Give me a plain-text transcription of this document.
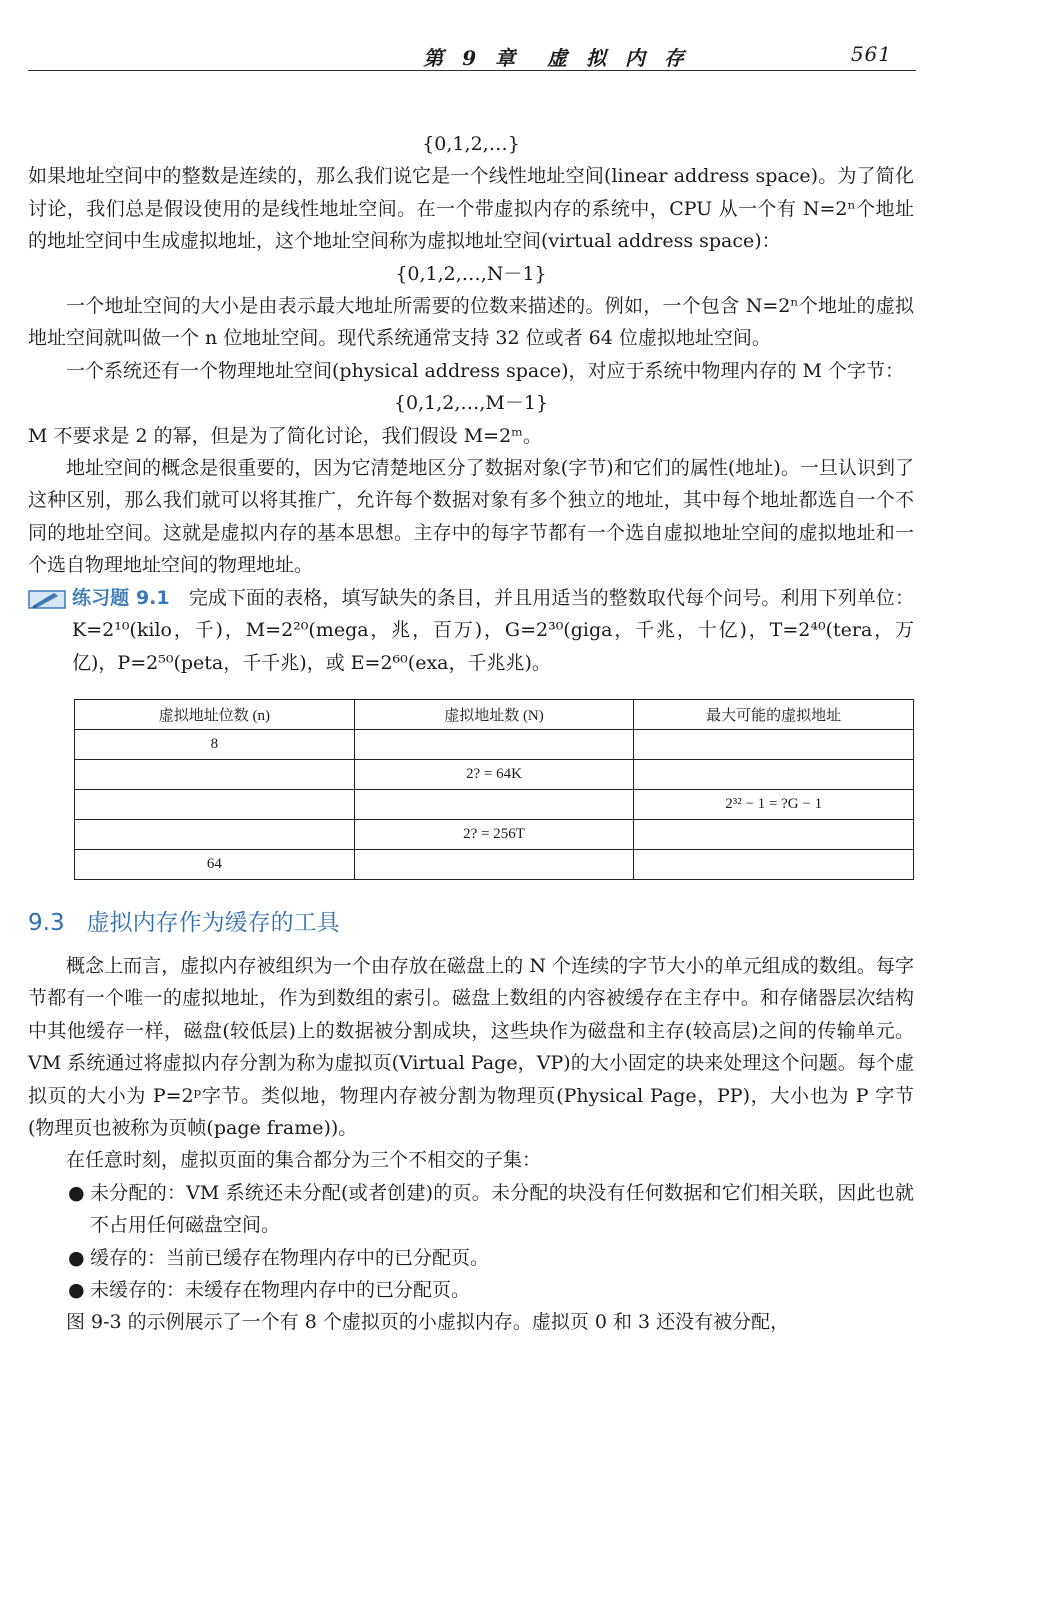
第 9 章　虚 拟 内 存	561
{0,1,2,…}

如果地址空间中的整数是连续的，那么我们说它是一个线性地址空间(linear address space)。为了简化讨论，我们总是假设使用的是线性地址空间。在一个带虚拟内存的系统中，CPU 从一个有 N=2ⁿ个地址的地址空间中生成虚拟地址，这个地址空间称为虚拟地址空间(virtual address space)：

{0,1,2,…,N－1}

一个地址空间的大小是由表示最大地址所需要的位数来描述的。例如，一个包含 N=2ⁿ个地址的虚拟地址空间就叫做一个 n 位地址空间。现代系统通常支持 32 位或者 64 位虚拟地址空间。

一个系统还有一个物理地址空间(physical address space)，对应于系统中物理内存的 M 个字节：

{0,1,2,…,M－1}

M 不要求是 2 的幂，但是为了简化讨论，我们假设 M=2ᵐ。

地址空间的概念是很重要的，因为它清楚地区分了数据对象(字节)和它们的属性(地址)。一旦认识到了这种区别，那么我们就可以将其推广，允许每个数据对象有多个独立的地址，其中每个地址都选自一个不同的地址空间。这就是虚拟内存的基本思想。主存中的每字节都有一个选自虚拟地址空间的虚拟地址和一个选自物理地址空间的物理地址。

练习题 9.1　 完成下面的表格，填写缺失的条目，并且用适当的整数取代每个问号。利用下列单位：K=2¹⁰(kilo，千)，M=2²⁰(mega，兆，百万)，G=2³⁰(giga，千兆，十亿)，T=2⁴⁰(tera，万亿)，P=2⁵⁰(peta，千千兆)，或 E=2⁶⁰(exa，千兆兆)。

虚拟地址位数 (n)	虚拟地址数 (N)	最大可能的虚拟地址
8		
	2? = 64K	
		2³² − 1 = ?G − 1
	2? = 256T	
64		
9.3 虚拟内存作为缓存的工具

概念上而言，虚拟内存被组织为一个由存放在磁盘上的 N 个连续的字节大小的单元组成的数组。每字节都有一个唯一的虚拟地址，作为到数组的索引。磁盘上数组的内容被缓存在主存中。和存储器层次结构中其他缓存一样，磁盘(较低层)上的数据被分割成块，这些块作为磁盘和主存(较高层)之间的传输单元。VM 系统通过将虚拟内存分割为称为虚拟页(Virtual Page，VP)的大小固定的块来处理这个问题。每个虚拟页的大小为 P=2ᵖ字节。类似地，物理内存被分割为物理页(Physical Page，PP)，大小也为 P 字节(物理页也被称为页帧(page frame))。

在任意时刻，虚拟页面的集合都分为三个不相交的子集：

● 未分配的：VM 系统还未分配(或者创建)的页。未分配的块没有任何数据和它们相关联，因此也就不占用任何磁盘空间。

● 缓存的：当前已缓存在物理内存中的已分配页。

● 未缓存的：未缓存在物理内存中的已分配页。

图 9-3 的示例展示了一个有 8 个虚拟页的小虚拟内存。虚拟页 0 和 3 还没有被分配，
